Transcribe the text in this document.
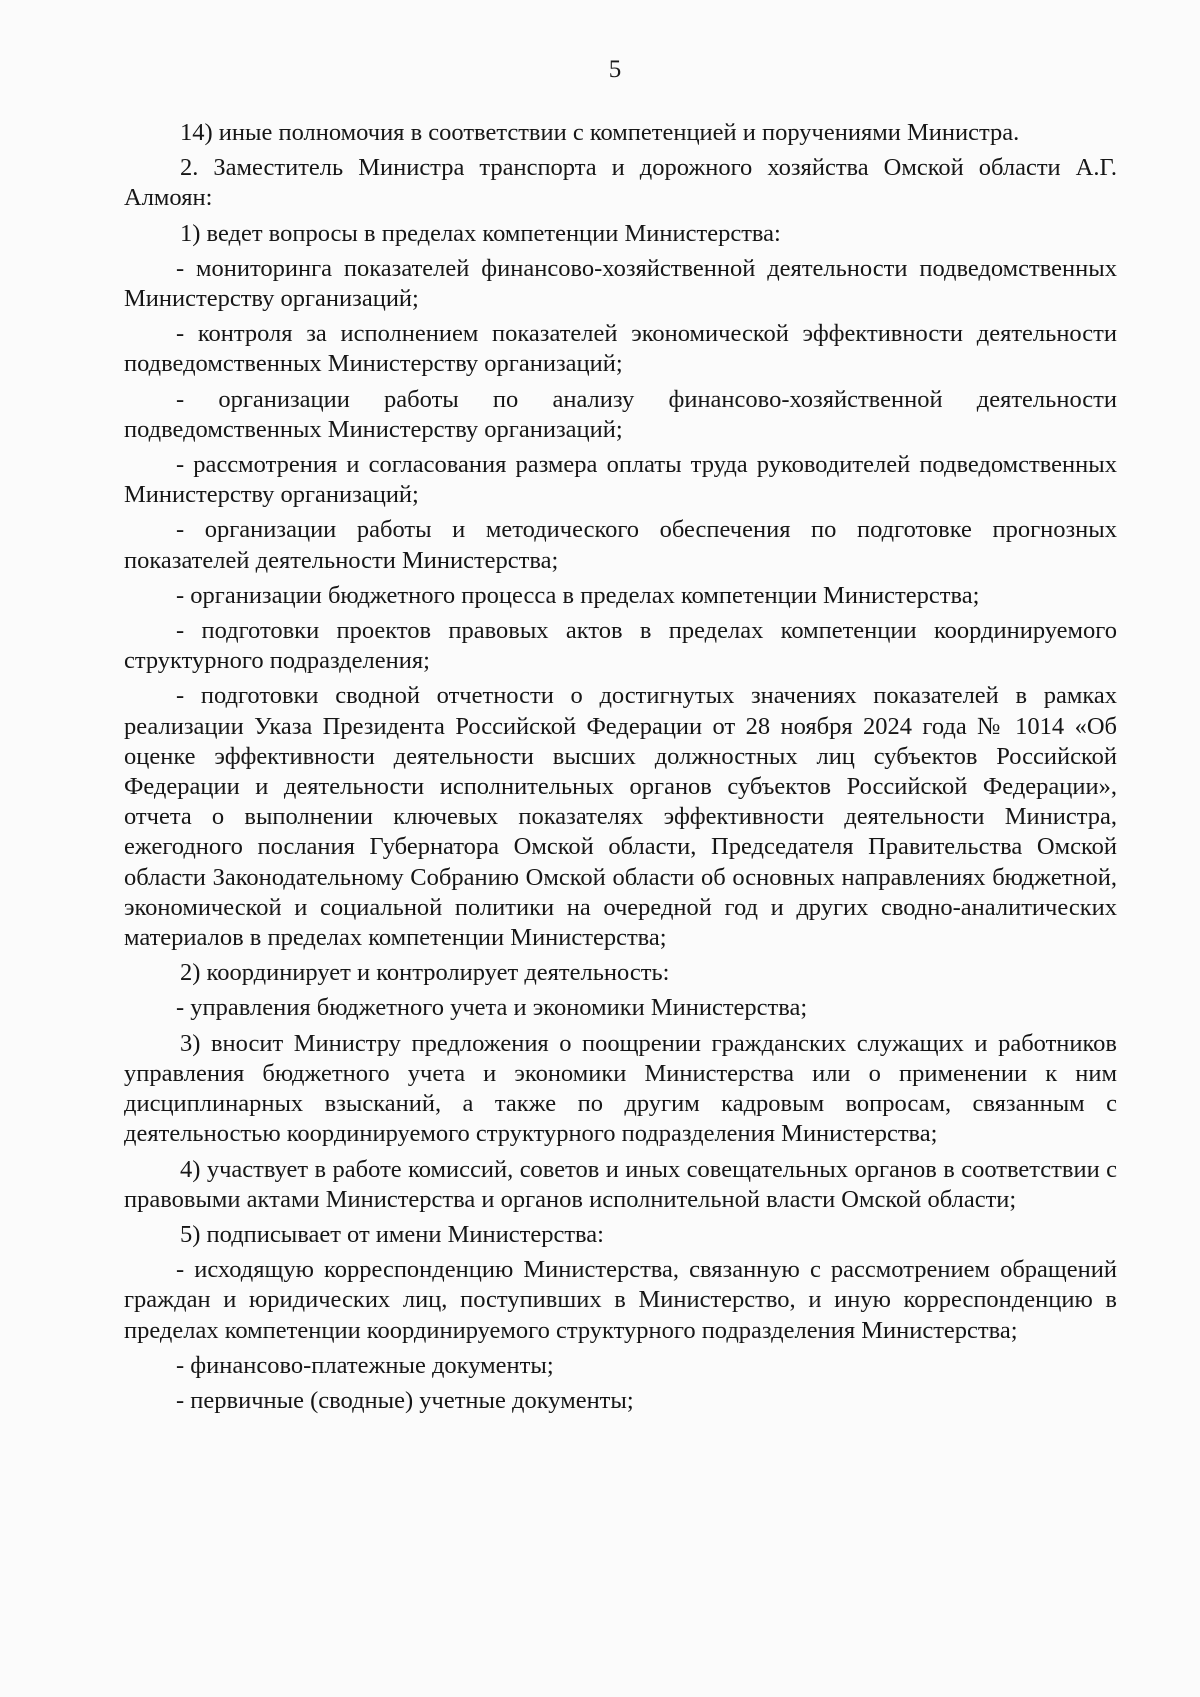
5

14) иные полномочия в соответствии с компетенцией и поручениями Министра.

2. Заместитель Министра транспорта и дорожного хозяйства Омской области А.Г. Алмоян:

1) ведет вопросы в пределах компетенции Министерства:

- мониторинга показателей финансово-хозяйственной деятельности подведомственных Министерству организаций;

- контроля за исполнением показателей экономической эффективности деятельности подведомственных Министерству организаций;

- организации работы по анализу финансово-хозяйственной деятельности подведомственных Министерству организаций;

- рассмотрения и согласования размера оплаты труда руководителей подведомственных Министерству организаций;

- организации работы и методического обеспечения по подготовке прогнозных показателей деятельности Министерства;

- организации бюджетного процесса в пределах компетенции Министерства;

- подготовки проектов правовых актов в пределах компетенции координируемого структурного подразделения;

- подготовки сводной отчетности о достигнутых значениях показателей в рамках реализации Указа Президента Российской Федерации от 28 ноября 2024 года № 1014 «Об оценке эффективности деятельности высших должностных лиц субъектов Российской Федерации и деятельности исполнительных органов субъектов Российской Федерации», отчета о выполнении ключевых показателях эффективности деятельности Министра, ежегодного послания Губернатора Омской области, Председателя Правительства Омской области Законодательному Собранию Омской области об основных направлениях бюджетной, экономической и социальной политики на очередной год и других сводно-аналитических материалов в пределах компетенции Министерства;

2) координирует и контролирует деятельность:

- управления бюджетного учета и экономики Министерства;

3) вносит Министру предложения о поощрении гражданских служащих и работников управления бюджетного учета и экономики Министерства или о применении к ним дисциплинарных взысканий, а также по другим кадровым вопросам, связанным с деятельностью координируемого структурного подразделения Министерства;

4) участвует в работе комиссий, советов и иных совещательных органов в соответствии с правовыми актами Министерства и органов исполнительной власти Омской области;

5) подписывает от имени Министерства:

- исходящую корреспонденцию Министерства, связанную с рассмотрением обращений граждан и юридических лиц, поступивших в Министерство, и иную корреспонденцию в пределах компетенции координируемого структурного подразделения Министерства;

- финансово-платежные документы;

- первичные (сводные) учетные документы;
